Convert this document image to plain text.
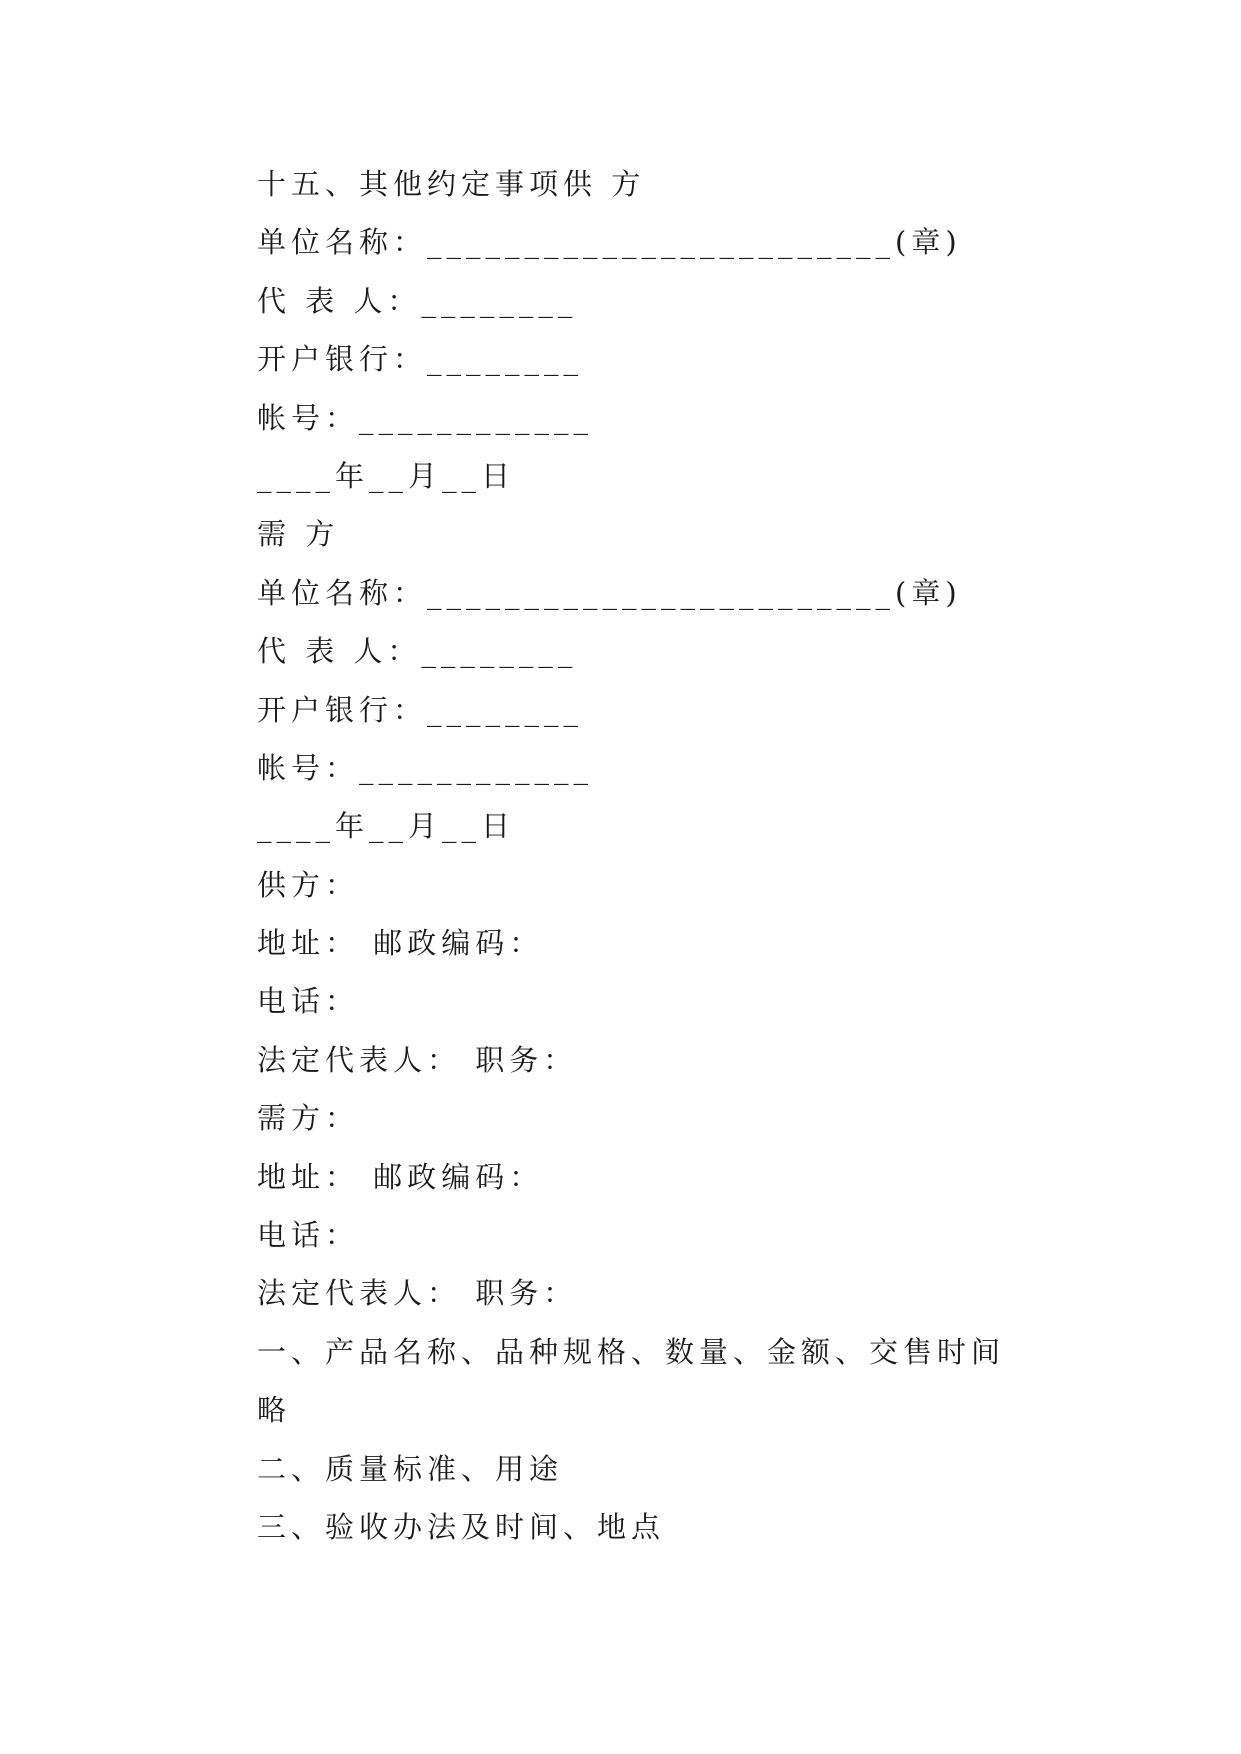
十五、其他约定事项供 方
单位名称：________________________(章)
代 表 人：________
开户银行：________
帐号：____________
____年__月__日
需 方
单位名称：________________________(章)
代 表 人：________
开户银行：________
帐号：____________
____年__月__日
供方：
地址： 邮政编码：
电话：
法定代表人： 职务：
需方：
地址： 邮政编码：
电话：
法定代表人： 职务：
一、产品名称、品种规格、数量、金额、交售时间
略
二、质量标准、用途
三、验收办法及时间、地点
